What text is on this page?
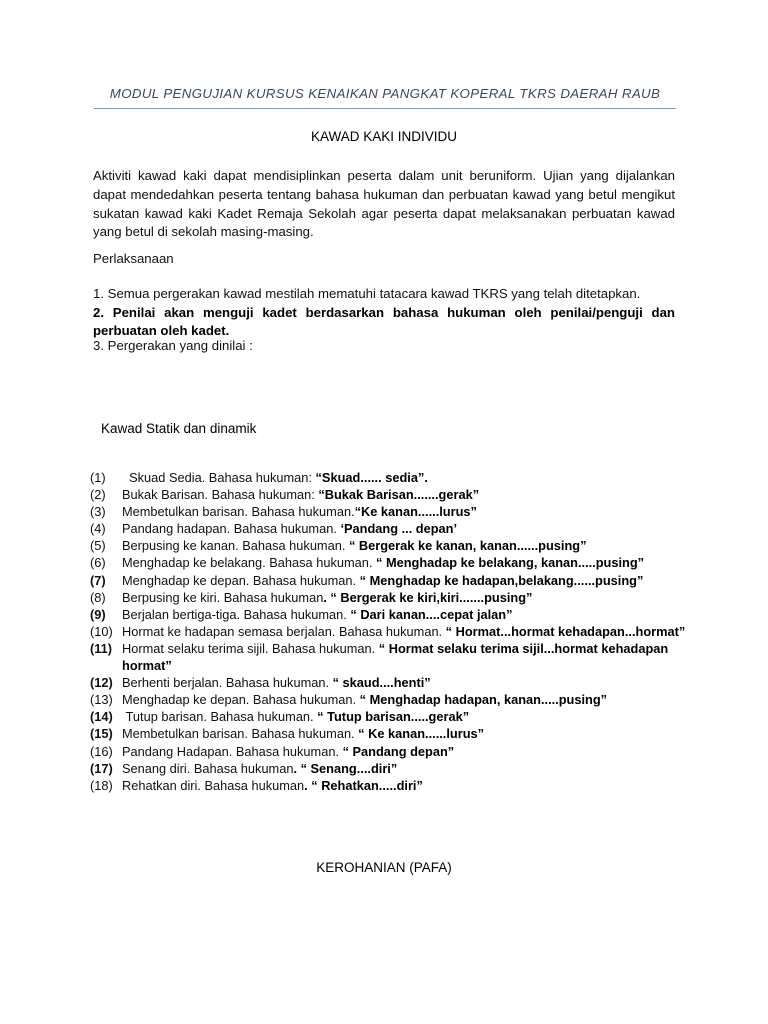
MODUL PENGUJIAN KURSUS KENAIKAN PANGKAT KOPERAL TKRS DAERAH RAUB
KAWAD KAKI INDIVIDU
Aktiviti kawad kaki dapat mendisiplinkan peserta dalam unit beruniform. Ujian yang dijalankan dapat mendedahkan peserta tentang bahasa hukuman dan perbuatan kawad yang betul mengikut sukatan kawad kaki Kadet Remaja Sekolah agar peserta dapat melaksanakan perbuatan kawad yang betul di sekolah masing-masing.
Perlaksanaan
1. Semua pergerakan kawad mestilah mematuhi tatacara kawad TKRS yang telah ditetapkan.
2. Penilai akan menguji kadet berdasarkan bahasa hukuman oleh penilai/penguji dan perbuatan oleh kadet.
3. Pergerakan yang dinilai :
Kawad Statik dan dinamik
(1) Skuad Sedia. Bahasa hukuman: “Skuad...... sedia”.
(2) Bukak Barisan. Bahasa hukuman: “Bukak Barisan.......gerak”
(3) Membetulkan barisan. Bahasa hukuman.“Ke kanan......lurus”
(4) Pandang hadapan. Bahasa hukuman. ‘Pandang ... depan’
(5) Berpusing ke kanan. Bahasa hukuman. “ Bergerak ke kanan, kanan......pusing”
(6) Menghadap ke belakang. Bahasa hukuman. “ Menghadap ke belakang, kanan.....pusing”
(7) Menghadap ke depan. Bahasa hukuman. “ Menghadap ke hadapan,belakang......pusing”
(8) Berpusing ke kiri. Bahasa hukuman. “ Bergerak ke kiri,kiri.......pusing”
(9) Berjalan bertiga-tiga. Bahasa hukuman. “ Dari kanan....cepat jalan”
(10) Hormat ke hadapan semasa berjalan. Bahasa hukuman. “ Hormat...hormat kehadapan...hormat”
(11) Hormat selaku terima sijil. Bahasa hukuman. “ Hormat selaku terima sijil...hormat kehadapan hormat”
(12) Berhenti berjalan. Bahasa hukuman. “ skaud....henti”
(13) Menghadap ke depan. Bahasa hukuman. “ Menghadap hadapan, kanan.....pusing”
(14) Tutup barisan. Bahasa hukuman. “ Tutup barisan.....gerak”
(15) Membetulkan barisan. Bahasa hukuman. “ Ke kanan......lurus”
(16) Pandang Hadapan. Bahasa hukuman. “ Pandang depan”
(17) Senang diri. Bahasa hukuman. “ Senang....diri”
(18) Rehatkan diri. Bahasa hukuman. “ Rehatkan.....diri”
KEROHANIAN (PAFA)
